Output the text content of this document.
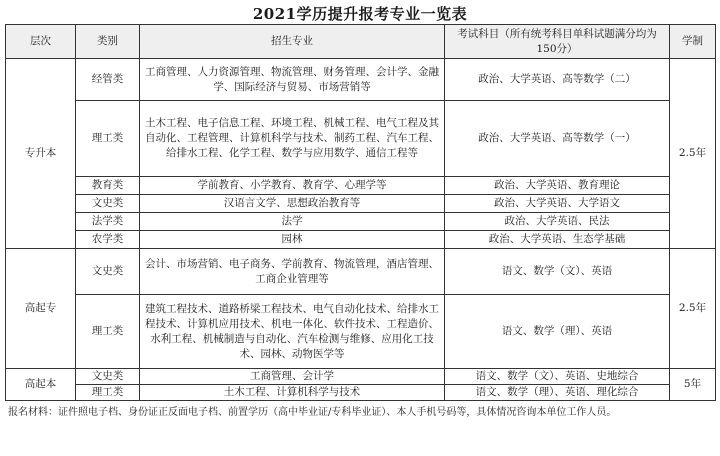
2021学历提升报考专业一览表
层次	类别	招生专业	考试科目（所有统考科目单科试题满分均为150分）	学制
专升本	经管类	工商管理、人力资源管理、物流管理、财务管理、会计学、金融学、国际经济与贸易、市场营销等	政治、大学英语、高等数学（二）	2.5年
	理工类	土木工程、电子信息工程、环境工程、机械工程、电气工程及其自动化、工程管理、计算机科学与技术、制药工程、汽车工程、给排水工程、化学工程、数学与应用数学、通信工程等	政治、大学英语、高等数学（一）	
	教育类	学前教育、小学教育、教育学、心理学等	政治、大学英语、教育理论	
	文史类	汉语言文学、思想政治教育等	政治、大学英语、大学语文	
	法学类	法学	政治、大学英语、民法	
	农学类	园林	政治、大学英语、生态学基础	
高起专	文史类	会计、市场营销、电子商务、学前教育、物流管理，酒店管理、工商企业管理等	语文、数学（文）、英语	2.5年
	理工类	建筑工程技术、道路桥梁工程技术、电气自动化技术、给排水工程技术、计算机应用技术、机电一体化、软件技术、工程造价、水利工程、机械制造与自动化、汽车检测与维修、应用化工技术、园林、动物医学等	语文、数学（理）、英语	
高起本	文史类	工商管理、会计学	语文、数学（文）、英语、史地综合	5年
	理工类	土木工程、计算机科学与技术	语文、数学（理）、英语、理化综合	
报名材料：证件照电子档、身份证正反面电子档、前置学历（高中毕业证/专科毕业证）、本人手机号码等，具体情况咨询本单位工作人员。
